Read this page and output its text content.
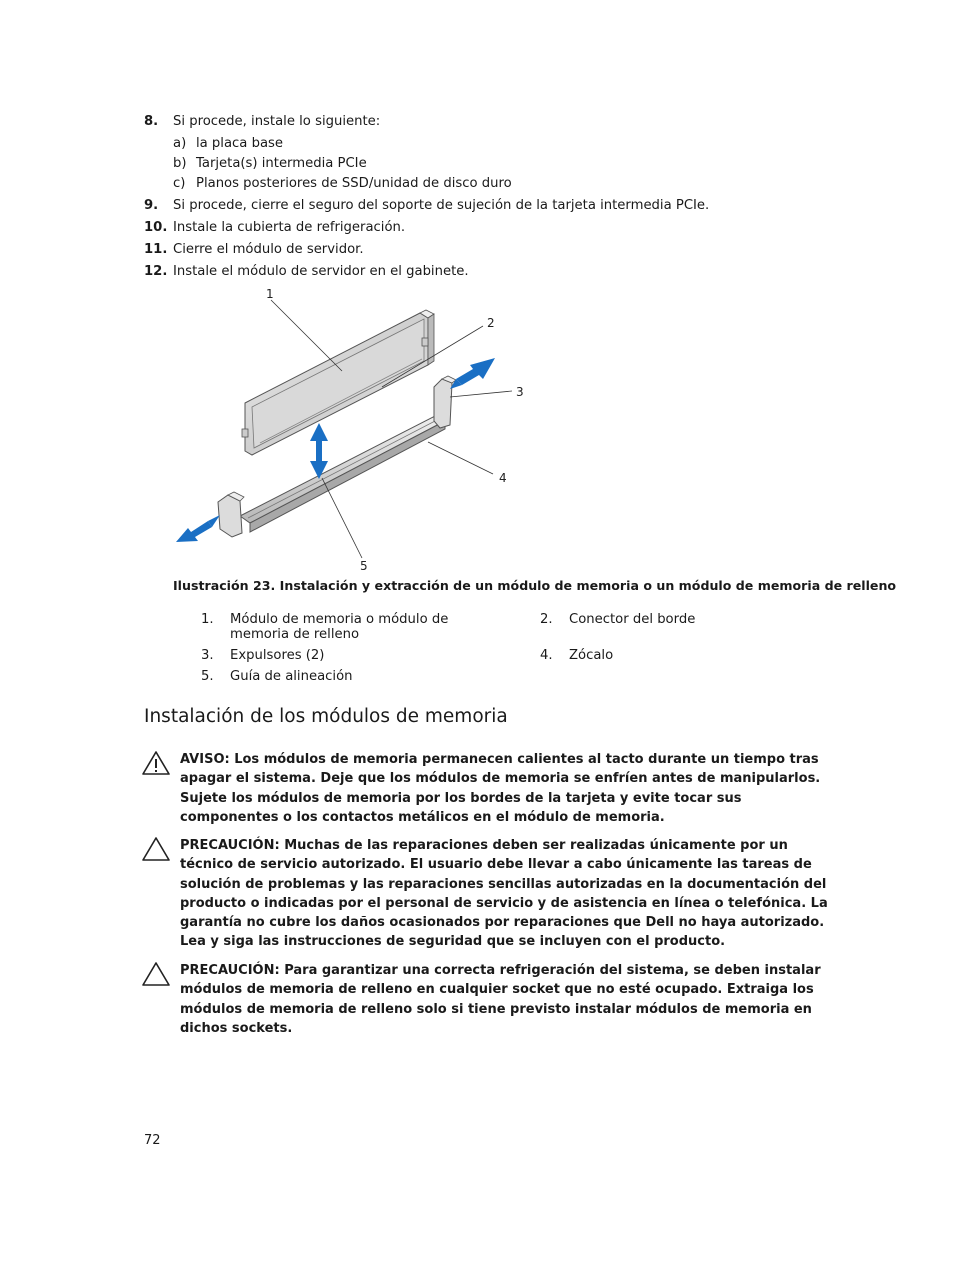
8. Si procede, instale lo siguiente:
a) la placa base
b) Tarjeta(s) intermedia PCIe
c) Planos posteriores de SSD/unidad de disco duro
9. Si procede, cierre el seguro del soporte de sujeción de la tarjeta intermedia PCIe.
10. Instale la cubierta de refrigeración.
11. Cierre el módulo de servidor.
12. Instale el módulo de servidor en el gabinete.
1
2
3
4
5
Ilustración 23. Instalación y extracción de un módulo de memoria o un módulo de memoria de relleno
1. Módulo de memoria o módulo de memoria de relleno
2. Conector del borde
3. Expulsores (2)	4. Zócalo
5. Guía de alineación
Instalación de los módulos de memoria
AVISO: Los módulos de memoria permanecen calientes al tacto durante un tiempo tras apagar el sistema. Deje que los módulos de memoria se enfríen antes de manipularlos. Sujete los módulos de memoria por los bordes de la tarjeta y evite tocar sus componentes o los contactos metálicos en el módulo de memoria.
PRECAUCIÓN: Muchas de las reparaciones deben ser realizadas únicamente por un técnico de servicio autorizado. El usuario debe llevar a cabo únicamente las tareas de solución de problemas y las reparaciones sencillas autorizadas en la documentación del producto o indicadas por el personal de servicio y de asistencia en línea o telefónica. La garantía no cubre los daños ocasionados por reparaciones que Dell no haya autorizado. Lea y siga las instrucciones de seguridad que se incluyen con el producto.
PRECAUCIÓN: Para garantizar una correcta refrigeración del sistema, se deben instalar módulos de memoria de relleno en cualquier socket que no esté ocupado. Extraiga los módulos de memoria de relleno solo si tiene previsto instalar módulos de memoria en dichos sockets.
72
